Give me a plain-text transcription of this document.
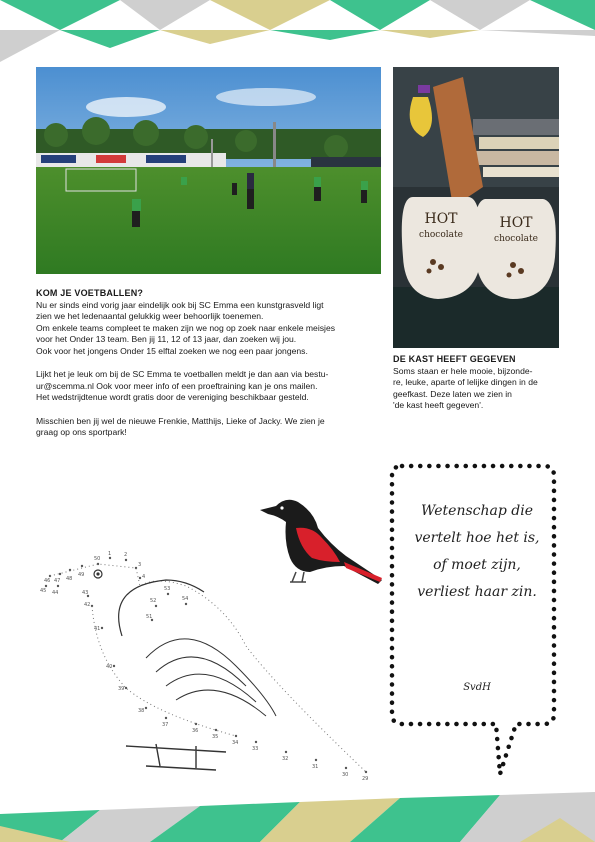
HOT
chocolate
HOT
chocolate

KOM JE VOETBALLEN?

Nu er sinds eind vorig jaar eindelijk ook bij SC Emma een kunstgrasveld ligt

zien we het ledenaantal gelukkig weer behoorlijk toenemen.

Om enkele teams compleet te maken zijn we nog op zoek naar enkele meisjes

voor het Onder 13 team. Ben jij 11, 12 of 13 jaar, dan zoeken wij jou.

Ook voor het jongens Onder 15 elftal zoeken we nog een paar jongens.

Lijkt het je leuk om bij de SC Emma te voetballen meldt je dan aan via bestu-

ur@scemma.nl Ook voor meer info of een proeftraining kan je ons mailen.

Het wedstrijdtenue wordt gratis door de vereniging beschikbaar gesteld.

Misschien ben jij wel de nieuwe Frenkie, Matthijs, Lieke of Jacky. We zien je

graag op ons sportpark!

DE KAST HEEFT GEGEVEN

Soms staan er hele mooie, bijzonde-

re, leuke, aparte of lelijke dingen in de

geefkast. Deze laten we zien in

'de kast heeft gegeven'.

Wetenschap die
vertelt hoe het is,
of moet zijn,
verliest haar zin.
SvdH
50
1	2
3
4
46 47 48
49
45 44	43
42
41
40
39
38
37
36
35
34
33
32
31
30
29
53
52
51
54
